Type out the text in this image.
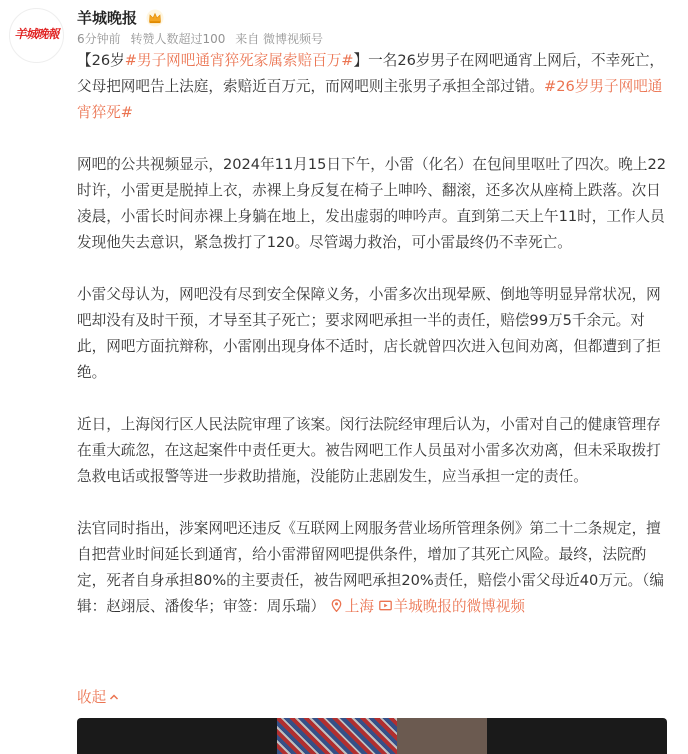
羊城晚報
羊城晚报
6分钟前 转赞人数超过100 来自 微博视频号

【26岁#男子网吧通宵猝死家属索赔百万#】一名26岁男子在网吧通宵上网后，不幸死亡，父母把网吧告上法庭，索赔近百万元，而网吧则主张男子承担全部过错。#26岁男子网吧通宵猝死#

网吧的公共视频显示，2024年11月15日下午，小雷（化名）在包间里呕吐了四次。晚上22时许，小雷更是脱掉上衣，赤裸上身反复在椅子上呻吟、翻滚，还多次从座椅上跌落。次日凌晨，小雷长时间赤裸上身躺在地上，发出虚弱的呻吟声。直到第二天上午11时，工作人员发现他失去意识，紧急拨打了120。尽管竭力救治，可小雷最终仍不幸死亡。

小雷父母认为，网吧没有尽到安全保障义务，小雷多次出现晕厥、倒地等明显异常状况，网吧却没有及时干预，才导至其子死亡；要求网吧承担一半的责任，赔偿99万5千余元。对此，网吧方面抗辩称，小雷刚出现身体不适时，店长就曾四次进入包间劝离，但都遭到了拒绝。

近日，上海闵行区人民法院审理了该案。闵行法院经审理后认为，小雷对自己的健康管理存在重大疏忽，在这起案件中责任更大。被告网吧工作人员虽对小雷多次劝离，但未采取拨打急救电话或报警等进一步救助措施，没能防止悲剧发生，应当承担一定的责任。

法官同时指出，涉案网吧还违反《互联网上网服务营业场所管理条例》第二十二条规定，擅自把营业时间延长到通宵，给小雷滞留网吧提供条件，增加了其死亡风险。最终，法院酌定，死者自身承担80%的主要责任，被告网吧承担20%责任，赔偿小雷父母近40万元。（编辑：赵翊辰、潘俊华；审签：周乐瑞） 上海 羊城晚报的微博视频

收起
